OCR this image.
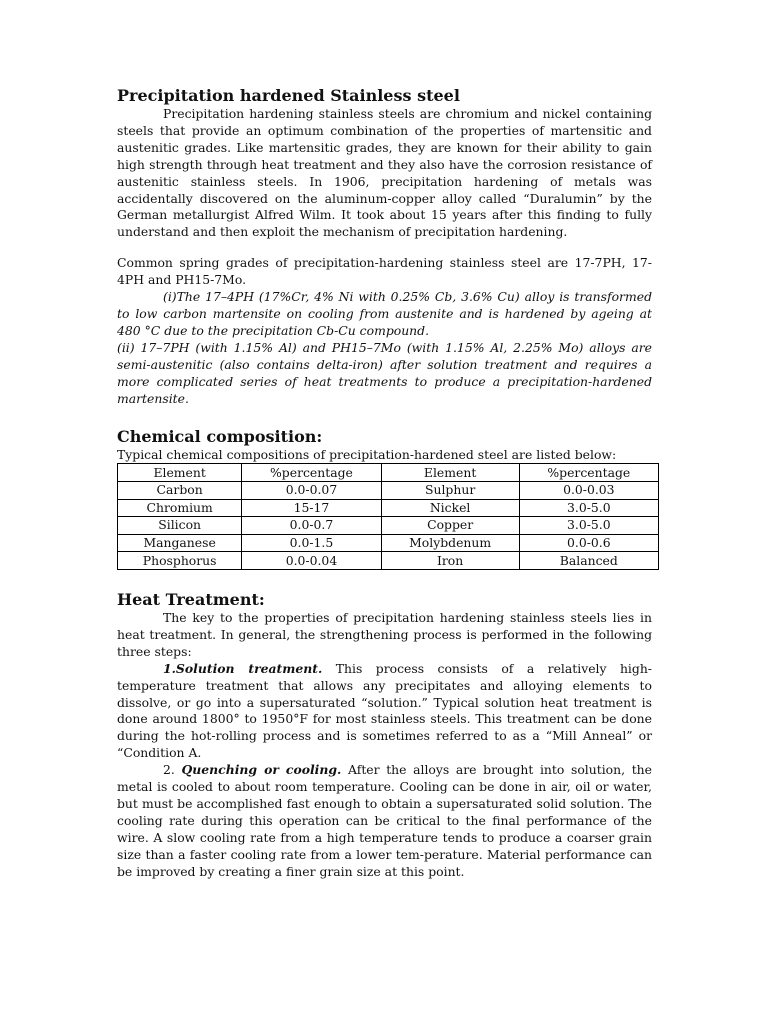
Precipitation hardened Stainless steel

Precipitation hardening stainless steels are chromium and nickel containing steels that provide an optimum combination of the properties of martensitic and austenitic grades. Like martensitic grades, they are known for their ability to gain high strength through heat treatment and they also have the corrosion resistance of austenitic stainless steels. In 1906, precipitation hardening of metals was accidentally discovered on the aluminum-copper alloy called “Duralumin” by the German metallurgist Alfred Wilm. It took about 15 years after this finding to fully understand and then exploit the mechanism of precipitation hardening.

Common spring grades of precipitation-hardening stainless steel are 17-7PH, 17-4PH and PH15-7Mo.

(i)The 17–4PH (17%Cr, 4% Ni with 0.25% Cb, 3.6% Cu) alloy is transformed to low carbon martensite on cooling from austenite and is hardened by ageing at 480 °C due to the precipitation Cb-Cu compound.

(ii) 17–7PH (with 1.15% Al) and PH15–7Mo (with 1.15% Al, 2.25% Mo) alloys are semi-austenitic (also contains delta-iron) after solution treatment and requires a more complicated series of heat treatments to produce a precipitation-hardened martensite.

Chemical composition:

Typical chemical compositions of precipitation-hardened steel are listed below:

Element	%percentage	Element	%percentage
Carbon	0.0-0.07	Sulphur	0.0-0.03
Chromium	15-17	Nickel	3.0-5.0
Silicon	0.0-0.7	Copper	3.0-5.0
Manganese	0.0-1.5	Molybdenum	0.0-0.6
Phosphorus	0.0-0.04	Iron	Balanced
Heat Treatment:

The key to the properties of precipitation hardening stainless steels lies in heat treatment. In general, the strengthening process is performed in the following three steps:

1.Solution treatment. This process consists of a relatively high-temperature treatment that allows any precipitates and alloying elements to dissolve, or go into a supersaturated “solution.” Typical solution heat treatment is done around 1800° to 1950°F for most stainless steels. This treatment can be done during the hot-rolling process and is sometimes referred to as a “Mill Anneal” or “Condition A.

2. Quenching or cooling. After the alloys are brought into solution, the metal is cooled to about room temperature. Cooling can be done in air, oil or water, but must be accomplished fast enough to obtain a supersaturated solid solution. The cooling rate during this operation can be critical to the final performance of the wire. A slow cooling rate from a high temperature tends to produce a coarser grain size than a faster cooling rate from a lower tem-perature. Material performance can be improved by creating a finer grain size at this point.
